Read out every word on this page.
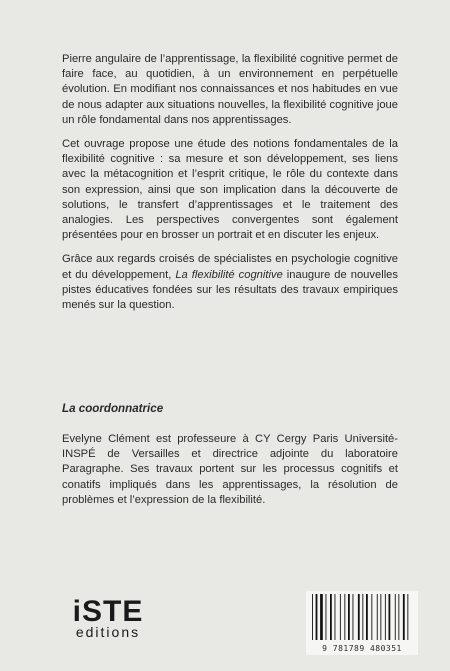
Pierre angulaire de l’apprentissage, la flexibilité cognitive permet de faire face, au quotidien, à un environnement en perpétuelle évolution. En modifiant nos connaissances et nos habitudes en vue de nous adapter aux situations nouvelles, la flexibilité cognitive joue un rôle fondamental dans nos apprentissages.

Cet ouvrage propose une étude des notions fondamentales de la flexibilité cognitive : sa mesure et son développement, ses liens avec la métacognition et l’esprit critique, le rôle du contexte dans son expression, ainsi que son implication dans la découverte de solutions, le transfert d’apprentissages et le traitement des analogies. Les perspectives convergentes sont également présentées pour en brosser un portrait et en discuter les enjeux.

Grâce aux regards croisés de spécialistes en psychologie cognitive et du développement, La flexibilité cognitive inaugure de nouvelles pistes éducatives fondées sur les résultats des travaux empiriques menés sur la question.

La coordonnatrice

Evelyne Clément est professeure à CY Cergy Paris Université-INSPÉ de Versailles et directrice adjointe du laboratoire Paragraphe. Ses travaux portent sur les processus cognitifs et conatifs impliqués dans les apprentissages, la résolution de problèmes et l’expression de la flexibilité.

iSTE
editions
9 781789 480351
